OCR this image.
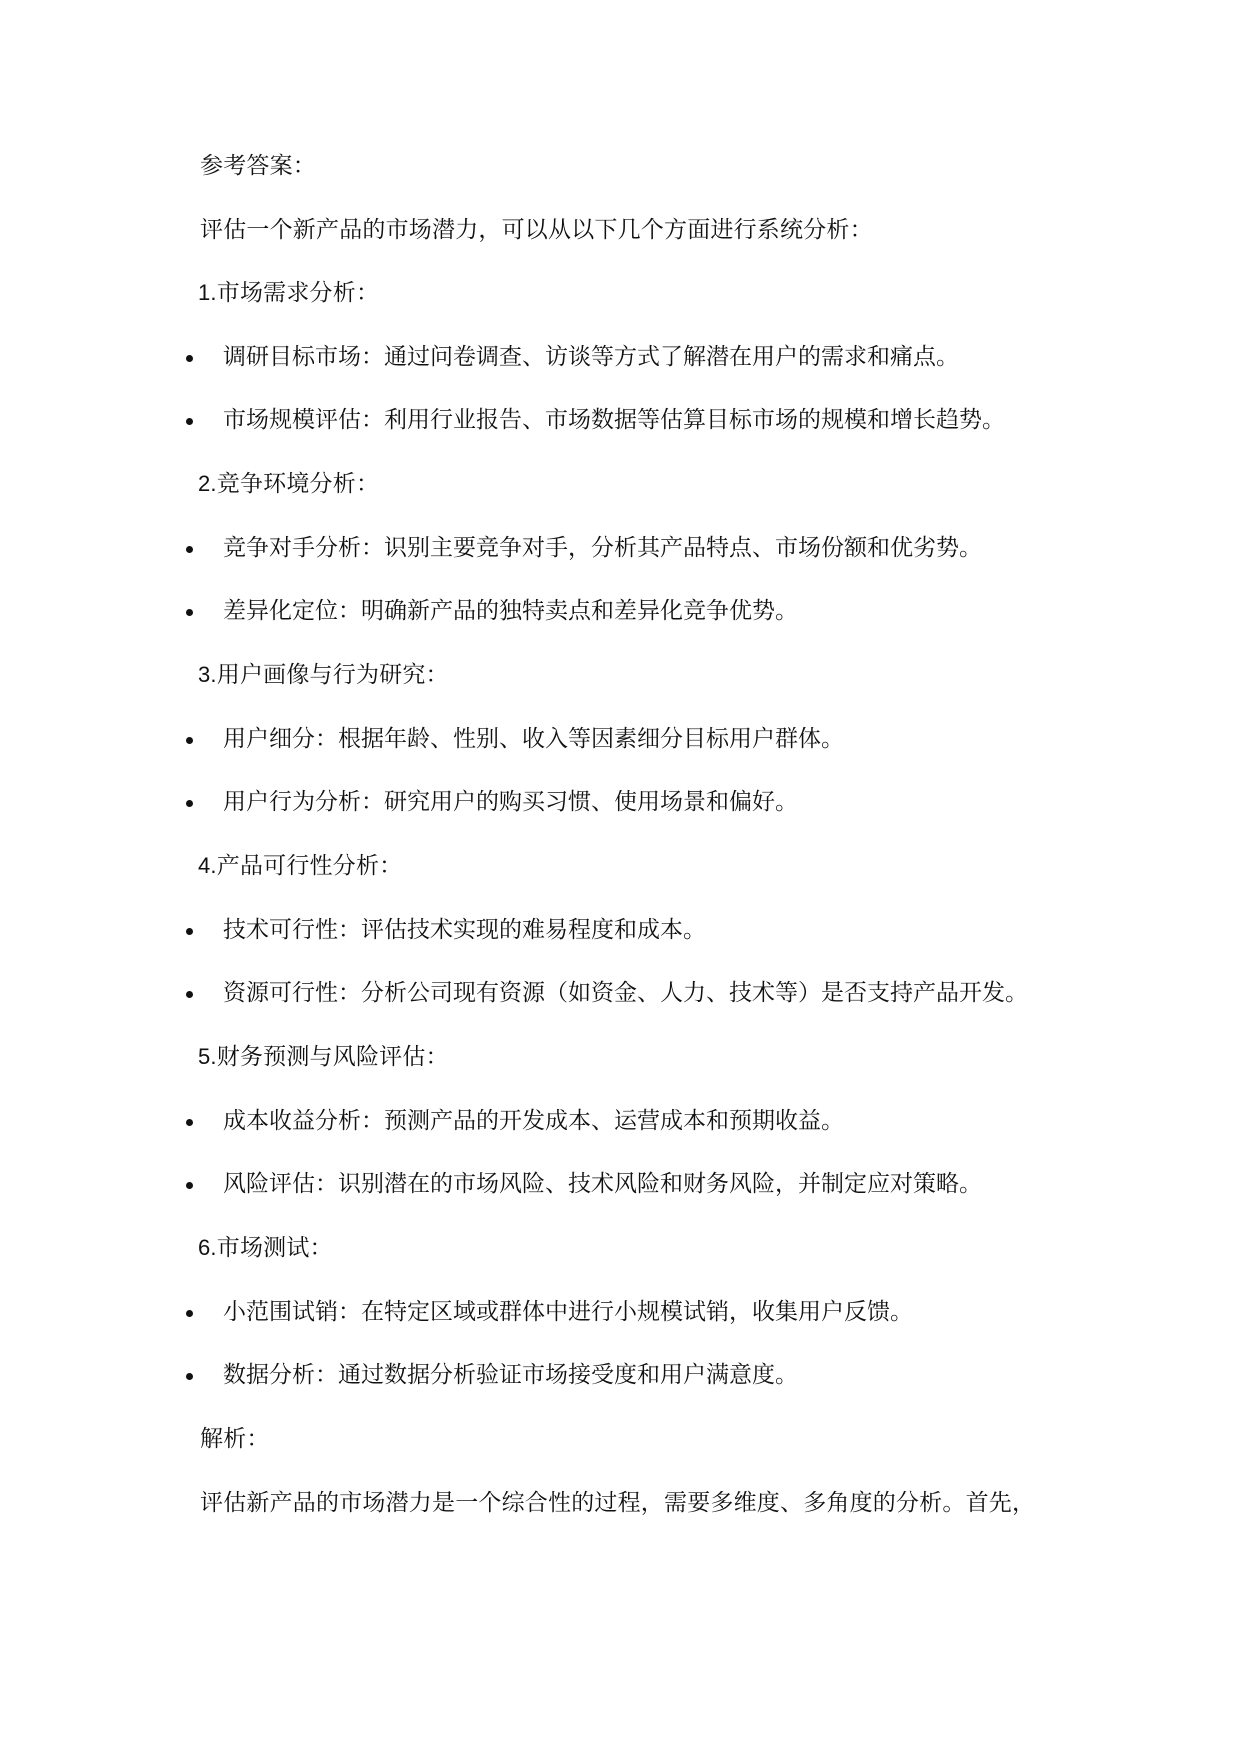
参考答案：
评估一个新产品的市场潜力，可以从以下几个方面进行系统分析：
1.市场需求分析：
调研目标市场：通过问卷调查、访谈等方式了解潜在用户的需求和痛点。
市场规模评估：利用行业报告、市场数据等估算目标市场的规模和增长趋势。
2.竞争环境分析：
竞争对手分析：识别主要竞争对手，分析其产品特点、市场份额和优劣势。
差异化定位：明确新产品的独特卖点和差异化竞争优势。
3.用户画像与行为研究：
用户细分：根据年龄、性别、收入等因素细分目标用户群体。
用户行为分析：研究用户的购买习惯、使用场景和偏好。
4.产品可行性分析：
技术可行性：评估技术实现的难易程度和成本。
资源可行性：分析公司现有资源（如资金、人力、技术等）是否支持产品开发。
5.财务预测与风险评估：
成本收益分析：预测产品的开发成本、运营成本和预期收益。
风险评估：识别潜在的市场风险、技术风险和财务风险，并制定应对策略。
6.市场测试：
小范围试销：在特定区域或群体中进行小规模试销，收集用户反馈。
数据分析：通过数据分析验证市场接受度和用户满意度。
解析：
评估新产品的市场潜力是一个综合性的过程，需要多维度、多角度的分析。首先，
